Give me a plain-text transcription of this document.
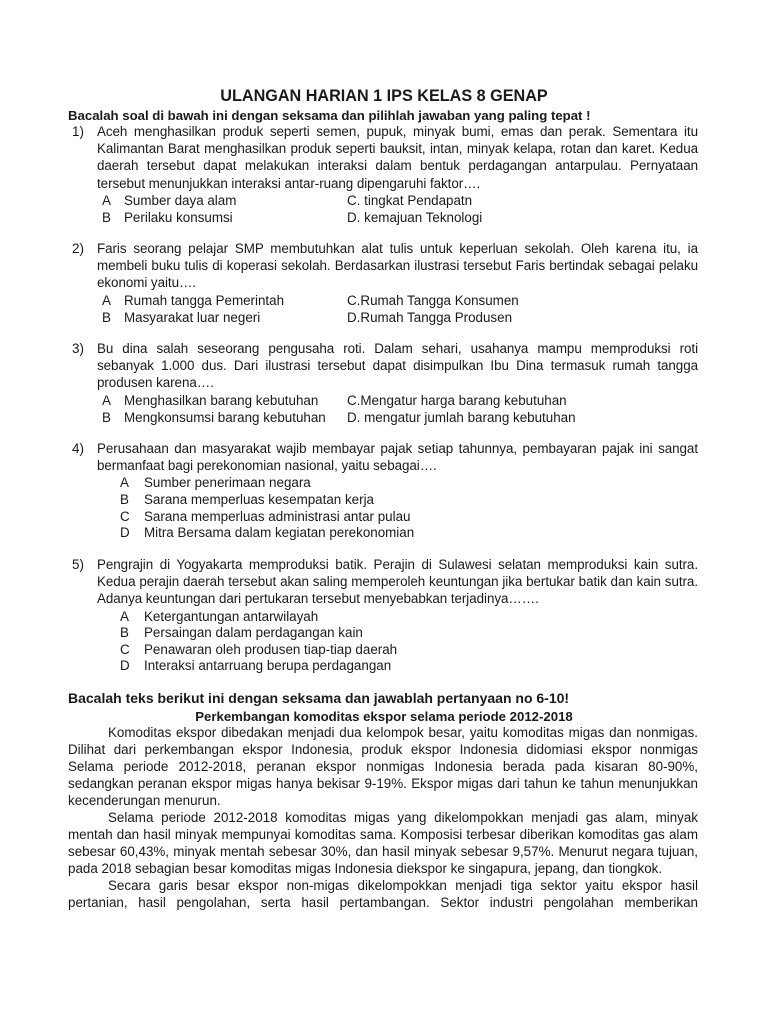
ULANGAN HARIAN 1 IPS KELAS 8 GENAP
Bacalah soal di bawah ini dengan seksama dan pilihlah jawaban yang paling tepat !
1) Aceh menghasilkan produk seperti semen, pupuk, minyak bumi, emas dan perak. Sementara itu Kalimantan Barat menghasilkan produk seperti bauksit, intan, minyak kelapa, rotan dan karet. Kedua daerah tersebut dapat melakukan interaksi dalam bentuk perdagangan antarpulau. Pernyataan tersebut menunjukkan interaksi antar-ruang dipengaruhi faktor….
A Sumber daya alam	C. tingkat Pendapatn
B Perilaku konsumsi	D. kemajuan Teknologi
2) Faris seorang pelajar SMP membutuhkan alat tulis untuk keperluan sekolah. Oleh karena itu, ia membeli buku tulis di koperasi sekolah. Berdasarkan ilustrasi tersebut Faris bertindak sebagai pelaku ekonomi yaitu….
A Rumah tangga Pemerintah	C.Rumah Tangga Konsumen
B Masyarakat luar negeri	D.Rumah Tangga Produsen
3) Bu dina salah seseorang pengusaha roti. Dalam sehari, usahanya mampu memproduksi roti sebanyak 1.000 dus. Dari ilustrasi tersebut dapat disimpulkan Ibu Dina termasuk rumah tangga produsen karena….
A Menghasilkan barang kebutuhan C.Mengatur harga barang kebutuhan
B Mengkonsumsi barang kebutuhan D. mengatur jumlah barang kebutuhan
4) Perusahaan dan masyarakat wajib membayar pajak setiap tahunnya, pembayaran pajak ini sangat bermanfaat bagi perekonomian nasional, yaitu sebagai….
A Sumber penerimaan negara
B Sarana memperluas kesempatan kerja
C Sarana memperluas administrasi antar pulau
D Mitra Bersama dalam kegiatan perekonomian
5) Pengrajin di Yogyakarta memproduksi batik. Perajin di Sulawesi selatan memproduksi kain sutra. Kedua perajin daerah tersebut akan saling memperoleh keuntungan jika bertukar batik dan kain sutra. Adanya keuntungan dari pertukaran tersebut menyebabkan terjadinya…….
A Ketergantungan antarwilayah
B Persaingan dalam perdagangan kain
C Penawaran oleh produsen tiap-tiap daerah
D Interaksi antarruang berupa perdagangan
Bacalah teks berikut ini dengan seksama dan jawablah pertanyaan no 6-10!
Perkembangan komoditas ekspor selama periode 2012-2018

Komoditas ekspor dibedakan menjadi dua kelompok besar, yaitu komoditas migas dan nonmigas. Dilihat dari perkembangan ekspor Indonesia, produk ekspor Indonesia didomiasi ekspor nonmigas Selama periode 2012-2018, peranan ekspor nonmigas Indonesia berada pada kisaran 80-90%, sedangkan peranan ekspor migas hanya bekisar 9-19%. Ekspor migas dari tahun ke tahun menunjukkan kecenderungan menurun.

Selama periode 2012-2018 komoditas migas yang dikelompokkan menjadi gas alam, minyak mentah dan hasil minyak mempunyai komoditas sama. Komposisi terbesar diberikan komoditas gas alam sebesar 60,43%, minyak mentah sebesar 30%, dan hasil minyak sebesar 9,57%. Menurut negara tujuan, pada 2018 sebagian besar komoditas migas Indonesia diekspor ke singapura, jepang, dan tiongkok.

Secara garis besar ekspor non-migas dikelompokkan menjadi tiga sektor yaitu ekspor hasil pertanian, hasil pengolahan, serta hasil pertambangan. Sektor industri pengolahan memberikan
